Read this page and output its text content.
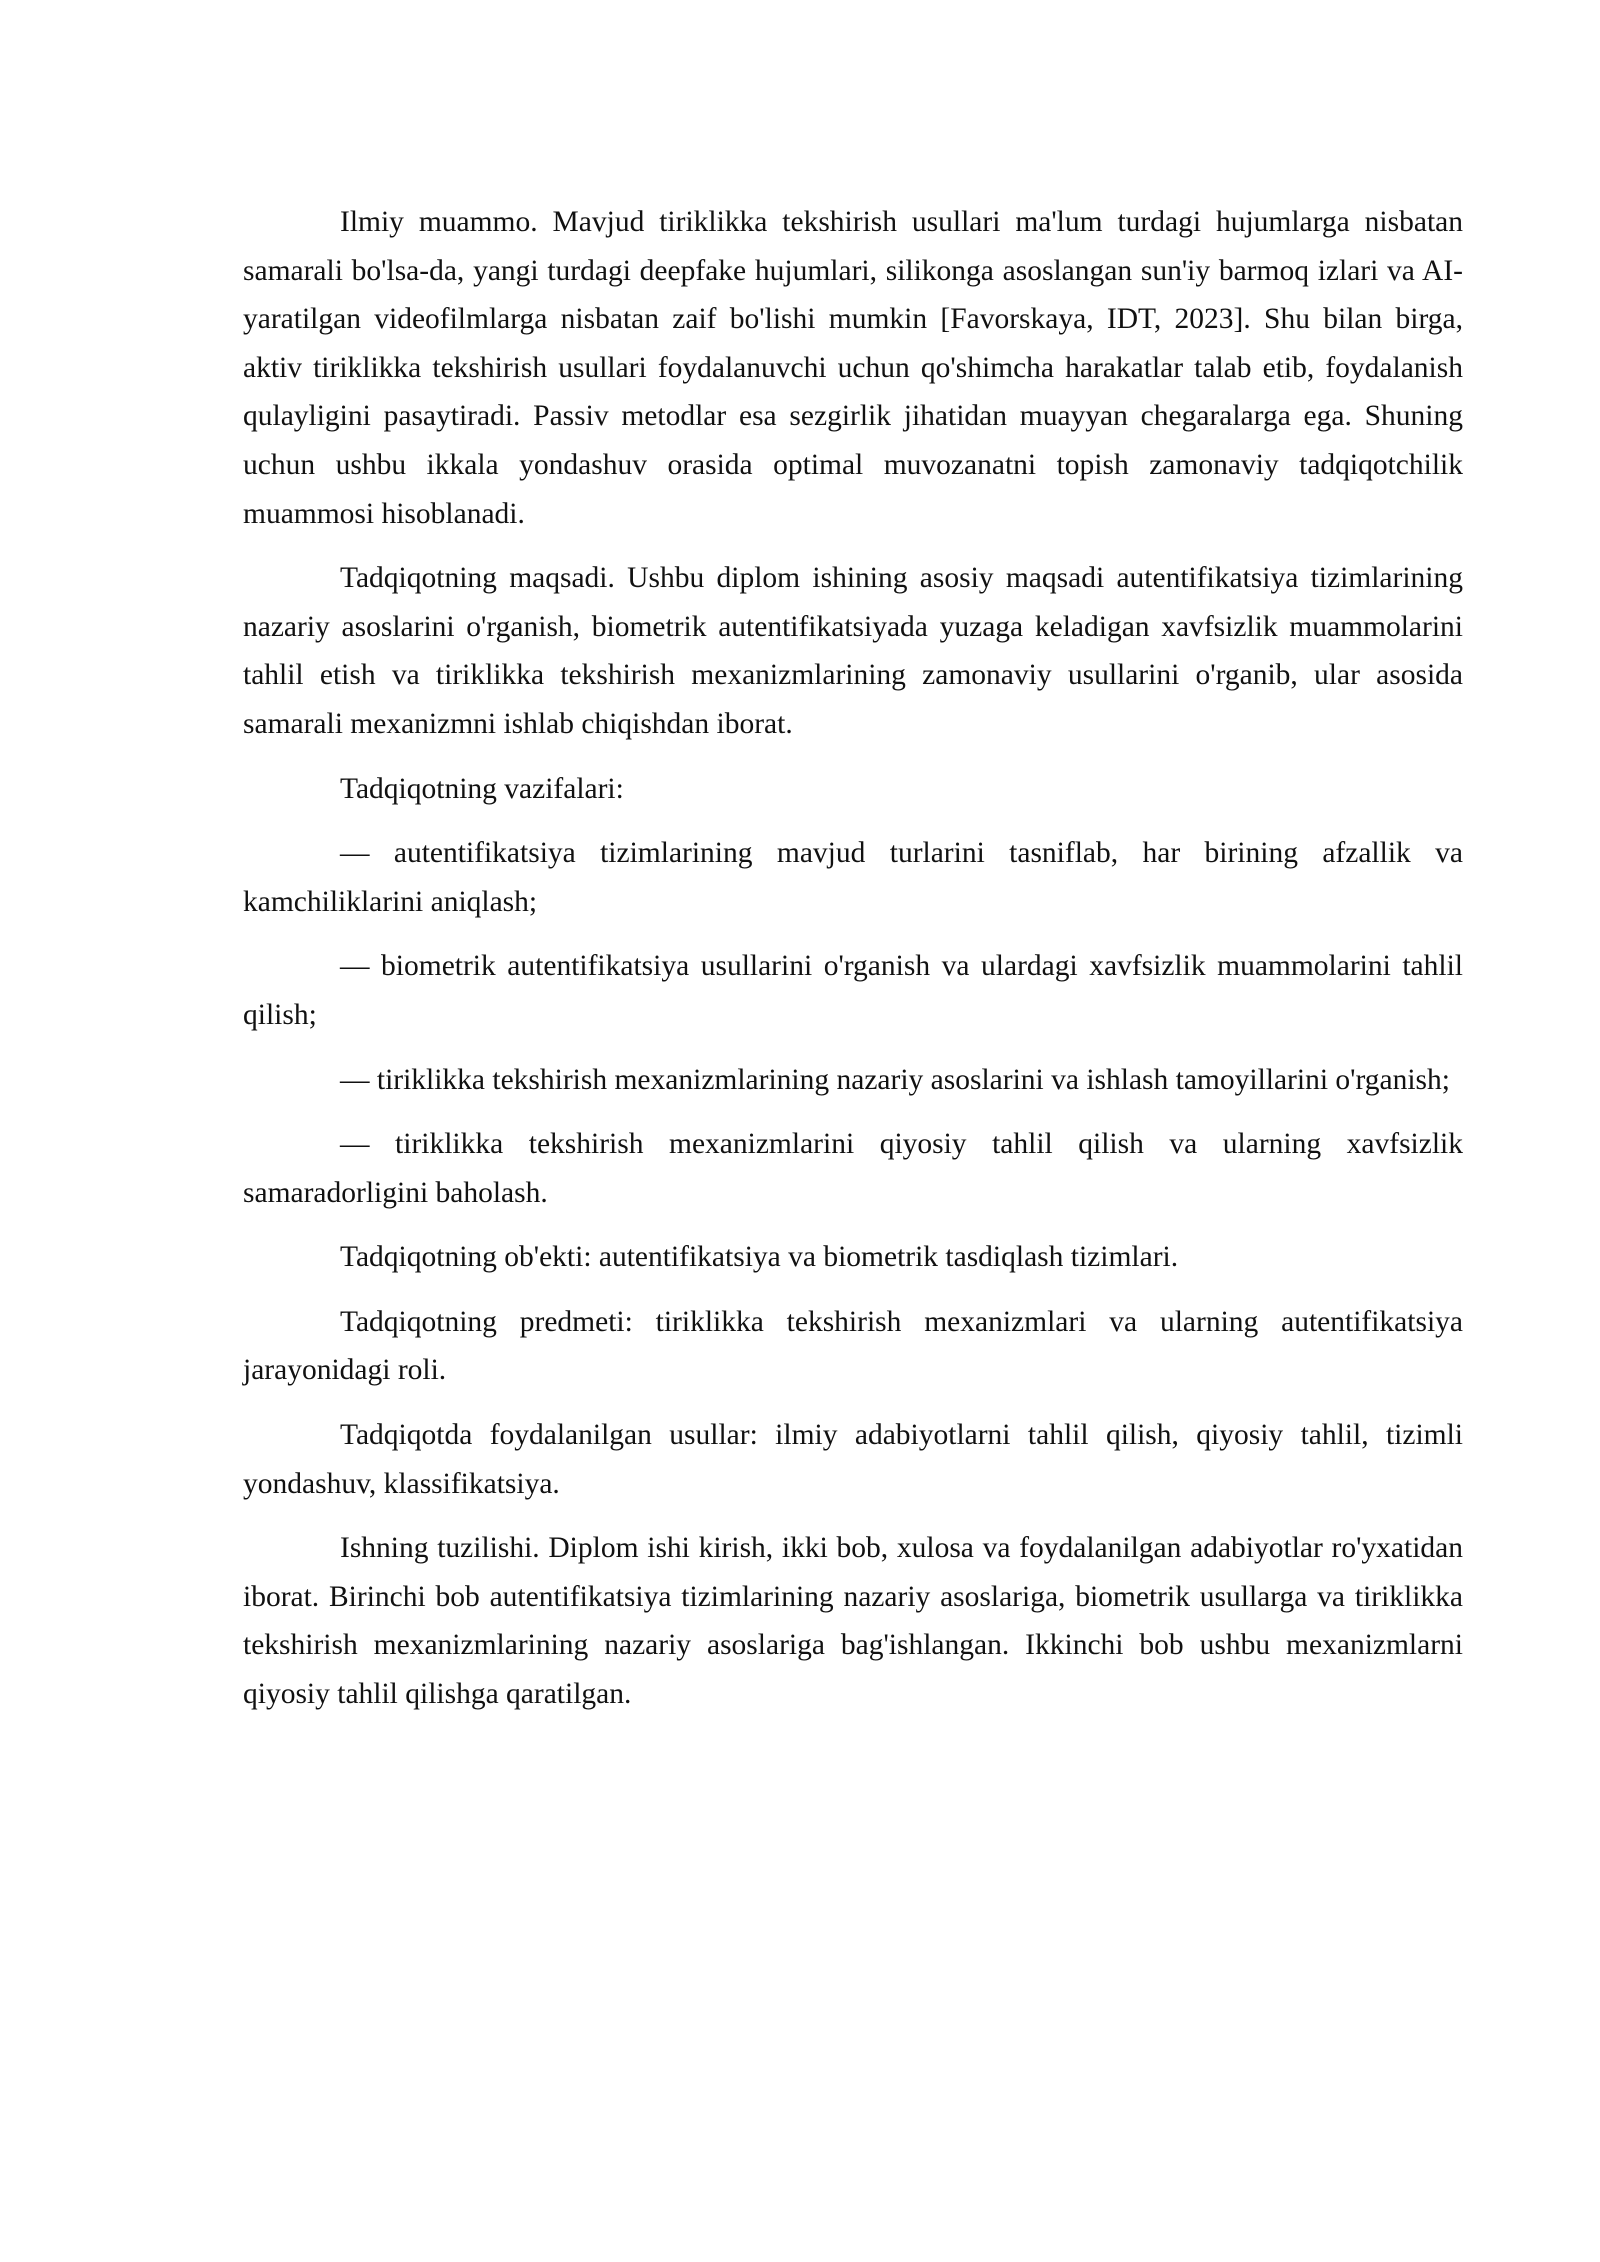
Ilmiy muammo. Mavjud tiriklikka tekshirish usullari ma'lum turdagi hujumlarga nisbatan samarali bo'lsa-da, yangi turdagi deepfake hujumlari, silikonga asoslangan sun'iy barmoq izlari va AI-yaratilgan videofilmlarga nisbatan zaif bo'lishi mumkin [Favorskaya, IDT, 2023]. Shu bilan birga, aktiv tiriklikka tekshirish usullari foydalanuvchi uchun qo'shimcha harakatlar talab etib, foydalanish qulayligini pasaytiradi. Passiv metodlar esa sezgirlik jihatidan muayyan chegaralarga ega. Shuning uchun ushbu ikkala yondashuv orasida optimal muvozanatni topish zamonaviy tadqiqotchilik muammosi hisoblanadi.

Tadqiqotning maqsadi. Ushbu diplom ishining asosiy maqsadi autentifikatsiya tizimlarining nazariy asoslarini o'rganish, biometrik autentifikatsiyada yuzaga keladigan xavfsizlik muammolarini tahlil etish va tiriklikka tekshirish mexanizmlarining zamonaviy usullarini o'rganib, ular asosida samarali mexanizmni ishlab chiqishdan iborat.

Tadqiqotning vazifalari:

— autentifikatsiya tizimlarining mavjud turlarini tasniflab, har birining afzallik va kamchiliklarini aniqlash;

— biometrik autentifikatsiya usullarini o'rganish va ulardagi xavfsizlik muammolarini tahlil qilish;

— tiriklikka tekshirish mexanizmlarining nazariy asoslarini va ishlash tamoyillarini o'rganish;

— tiriklikka tekshirish mexanizmlarini qiyosiy tahlil qilish va ularning xavfsizlik samaradorligini baholash.

Tadqiqotning ob'ekti: autentifikatsiya va biometrik tasdiqlash tizimlari.

Tadqiqotning predmeti: tiriklikka tekshirish mexanizmlari va ularning autentifikatsiya jarayonidagi roli.

Tadqiqotda foydalanilgan usullar: ilmiy adabiyotlarni tahlil qilish, qiyosiy tahlil, tizimli yondashuv, klassifikatsiya.

Ishning tuzilishi. Diplom ishi kirish, ikki bob, xulosa va foydalanilgan adabiyotlar ro'yxatidan iborat. Birinchi bob autentifikatsiya tizimlarining nazariy asoslariga, biometrik usullarga va tiriklikka tekshirish mexanizmlarining nazariy asoslariga bag'ishlangan. Ikkinchi bob ushbu mexanizmlarni qiyosiy tahlil qilishga qaratilgan.
